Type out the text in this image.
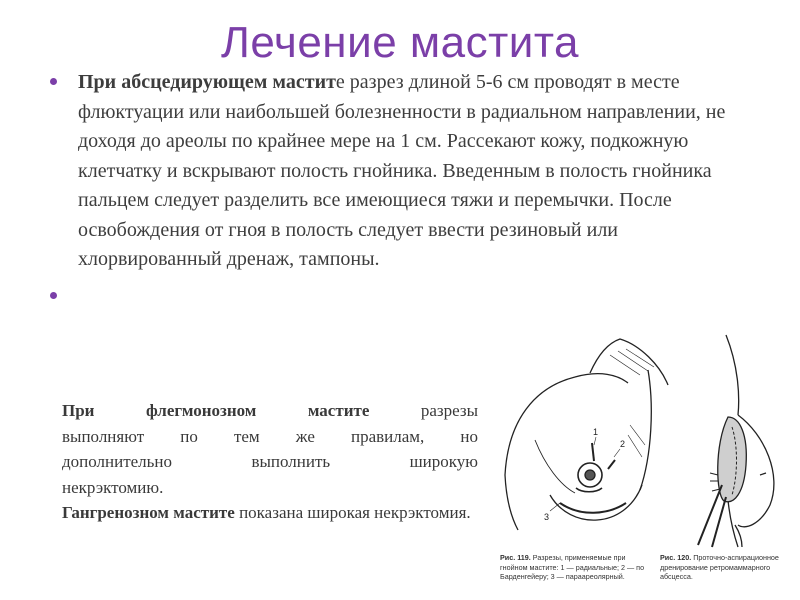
Лечение мастита
При абсцедирующем мастите разрез длиной 5-6 см проводят в месте флюктуации или наибольшей болезненности в радиальном направлении, не доходя до ареолы по крайнее мере на 1 см. Рассекают кожу, подкожную клетчатку и вскрывают полость гнойника. Введенным в полость гнойника пальцем следует разделить все имеющиеся тяжи и перемычки. После освобождения от гноя в полость следует ввести резиновый или хлорвированный дренаж, тампоны.
При	флегмонозном	мастите	разрезы
выполняют по тем же правилам, но
дополнительно выполнить широкую
некрэктомию.
Гангренозном мастите показана широкая некрэктомия.
1
2
3
Рис. 119. Разрезы, применяемые при гнойном мастите: 1 — радиальные; 2 — по Барденгейеру; 3 — параареолярный.
Рис. 120. Проточно-аспирационное дренирование ретромаммарного абсцесса.
